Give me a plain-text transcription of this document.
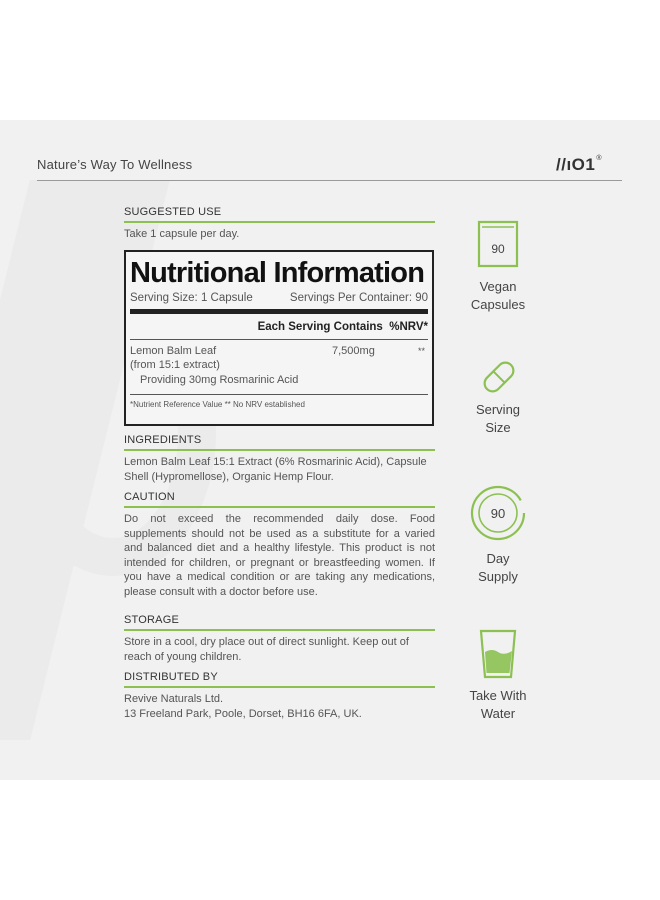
Nature’s Way To Wellness	//ıO1®
SUGGESTED USE
Take 1 capsule per day.
Nutritional Information
Serving Size: 1 Capsule	Servings Per Container: 90
Each Serving Contains  %NRV*
Lemon Balm Leaf
(from 15:1 extract)
7,500mg	**
Providing 30mg Rosmarinic Acid
*Nutrient Reference Value ** No NRV established
INGREDIENTS
Lemon Balm Leaf 15:1 Extract (6% Rosmarinic Acid), Capsule Shell (Hypromellose), Organic Hemp Flour.
CAUTION
Do not exceed the recommended daily dose. Food supplements should not be used as a substitute for a varied and balanced diet and a healthy lifestyle. This product is not intended for children, or pregnant or breastfeeding women. If you have a medical condition or are taking any medications, please consult with a doctor before use.
STORAGE
Store in a cool, dry place out of direct sunlight. Keep out of reach of young children.
DISTRIBUTED BY
Revive Naturals Ltd.
13 Freeland Park, Poole, Dorset, BH16 6FA, UK.
90
Vegan
Capsules
Serving
Size
90
Day
Supply
Take With
Water
